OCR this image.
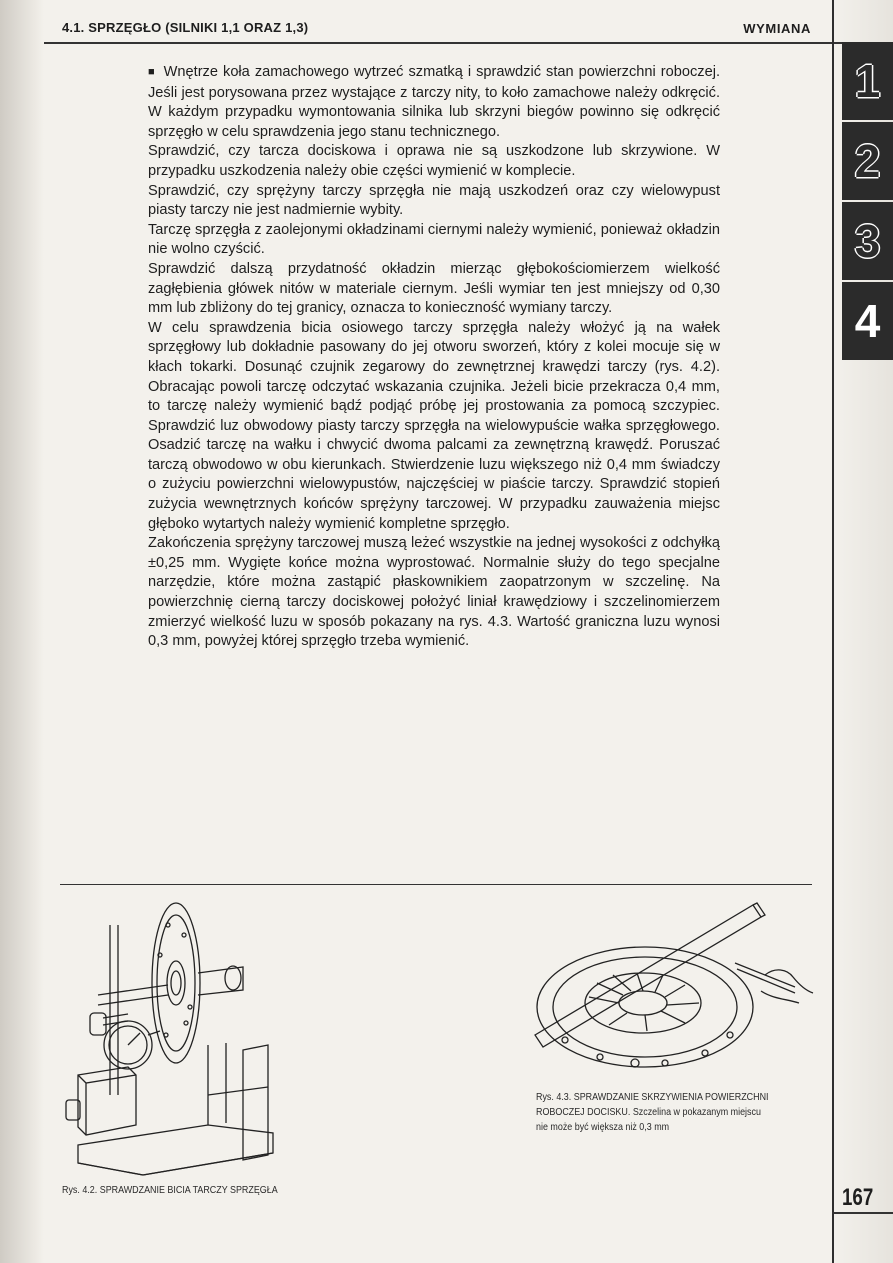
4.1. SPRZĘGŁO (SILNIKI 1,1 ORAZ 1,3)	WYMIANA
1
2
3
4

■ Wnętrze koła zamachowego wytrzeć szmatką i sprawdzić stan powierzchni roboczej. Jeśli jest porysowana przez wystające z tarczy nity, to koło zamachowe należy odkręcić. W każdym przypadku wymontowania silnika lub skrzyni biegów powinno się odkręcić sprzęgło w celu sprawdzenia jego stanu technicznego.

Sprawdzić, czy tarcza dociskowa i oprawa nie są uszkodzone lub skrzywione. W przypadku uszkodzenia należy obie części wymienić w komplecie.

Sprawdzić, czy sprężyny tarczy sprzęgła nie mają uszkodzeń oraz czy wielowypust piasty tarczy nie jest nadmiernie wybity.

Tarczę sprzęgła z zaolejonymi okładzinami ciernymi należy wymienić, ponieważ okładzin nie wolno czyścić.

Sprawdzić dalszą przydatność okładzin mierząc głębokościomierzem wielkość zagłębienia główek nitów w materiale ciernym. Jeśli wymiar ten jest mniejszy od 0,30 mm lub zbliżony do tej granicy, oznacza to konieczność wymiany tarczy.

W celu sprawdzenia bicia osiowego tarczy sprzęgła należy włożyć ją na wałek sprzęgłowy lub dokładnie pasowany do jej otworu sworzeń, który z kolei mocuje się w kłach tokarki. Dosunąć czujnik zegarowy do zewnętrznej krawędzi tarczy (rys. 4.2). Obracając powoli tarczę odczytać wskazania czujnika. Jeżeli bicie przekracza 0,4 mm, to tarczę należy wymienić bądź podjąć próbę jej prostowania za pomocą szczypiec. Sprawdzić luz obwodowy piasty tarczy sprzęgła na wielowypuście wałka sprzęgłowego. Osadzić tarczę na wałku i chwycić dwoma palcami za zewnętrzną krawędź. Poruszać tarczą obwodowo w obu kierunkach. Stwierdzenie luzu większego niż 0,4 mm świadczy o zużyciu powierzchni wielowypustów, najczęściej w piaście tarczy. Sprawdzić stopień zużycia wewnętrznych końców sprężyny tarczowej. W przypadku zauważenia miejsc głęboko wytartych należy wymienić kompletne sprzęgło.

Zakończenia sprężyny tarczowej muszą leżeć wszystkie na jednej wysokości z odchyłką ±0,25 mm. Wygięte końce można wyprostować. Normalnie służy do tego specjalne narzędzie, które można zastąpić płaskownikiem zaopatrzonym w szczelinę. Na powierzchnię cierną tarczy dociskowej położyć liniał krawędziowy i szczelinomierzem zmierzyć wielkość luzu w sposób pokazany na rys. 4.3. Wartość graniczna luzu wynosi 0,3 mm, powyżej której sprzęgło trzeba wymienić.

Rys. 4.2. SPRAWDZANIE BICIA TARCZY SPRZĘGŁA
Rys. 4.3. SPRAWDZANIE SKRZYWIENIA POWIERZCHNI
ROBOCZEJ DOCISKU. Szczelina w pokazanym miejscu
nie może być większa niż 0,3 mm
167
